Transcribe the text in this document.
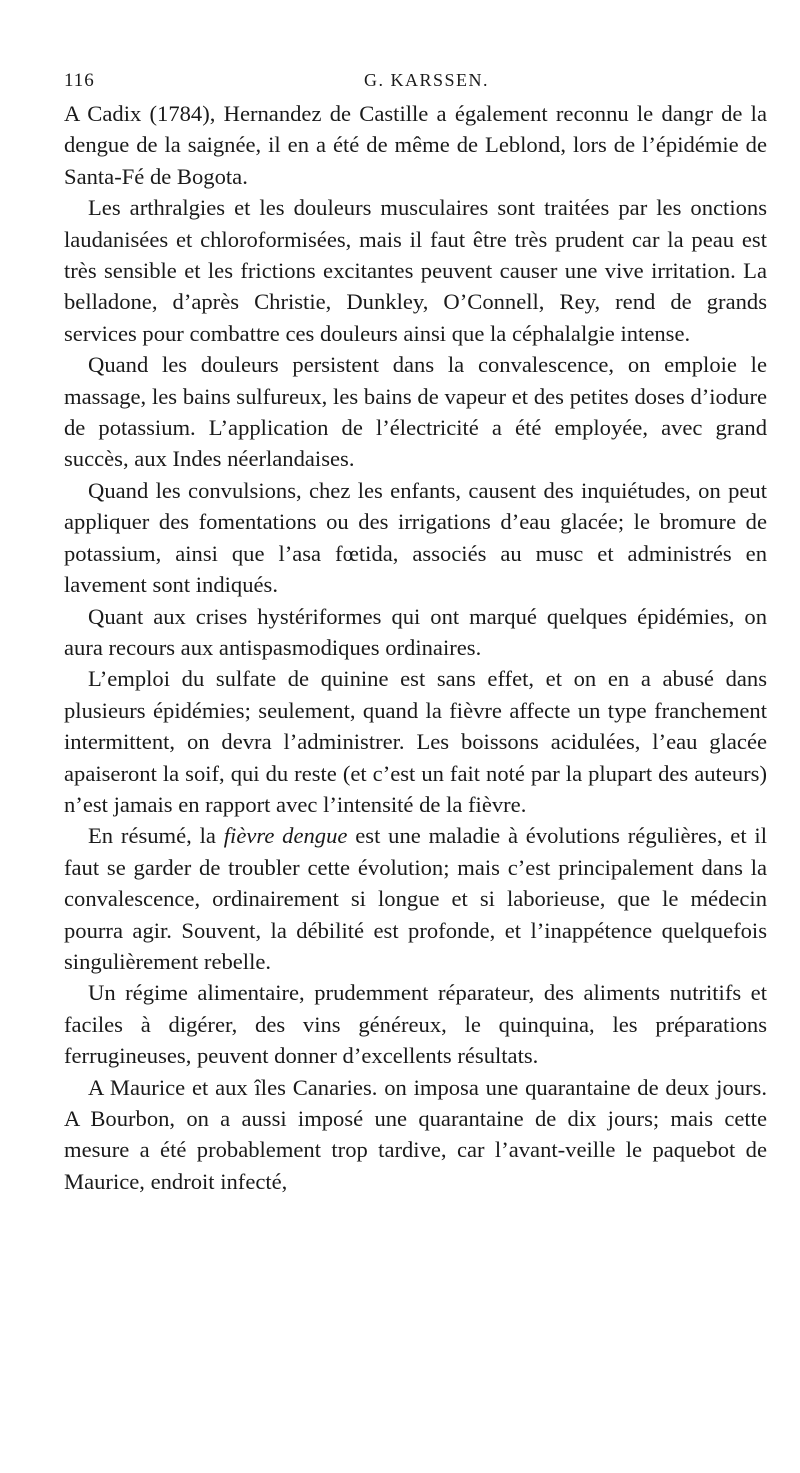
116	G. KARSSEN.

A Cadix (1784), Hernandez de Castille a également reconnu le dangr de la dengue de la saignée, il en a été de même de Leblond, lors de l’épidémie de Santa-Fé de Bogota.

Les arthralgies et les douleurs musculaires sont traitées par les onctions laudanisées et chloroformisées, mais il faut être très prudent car la peau est très sensible et les frictions excitantes peuvent causer une vive irritation. La belladone, d’après Christie, Dunkley, O’Connell, Rey, rend de grands services pour combattre ces douleurs ainsi que la céphalalgie intense.

Quand les douleurs persistent dans la convalescence, on emploie le massage, les bains sulfureux, les bains de vapeur et des petites doses d’iodure de potassium. L’application de l’électricité a été employée, avec grand succès, aux Indes néerlandaises.

Quand les convulsions, chez les enfants, causent des inquiétudes, on peut appliquer des fomentations ou des irrigations d’eau glacée; le bromure de potassium, ainsi que l’asa fœtida, associés au musc et administrés en lavement sont indiqués.

Quant aux crises hystériformes qui ont marqué quelques épidémies, on aura recours aux antispasmodiques ordinaires.

L’emploi du sulfate de quinine est sans effet, et on en a abusé dans plusieurs épidémies; seulement, quand la fièvre affecte un type franchement intermittent, on devra l’administrer. Les boissons acidulées, l’eau glacée apaiseront la soif, qui du reste (et c’est un fait noté par la plupart des auteurs) n’est jamais en rapport avec l’intensité de la fièvre.

En résumé, la fièvre dengue est une maladie à évolutions régulières, et il faut se garder de troubler cette évolution; mais c’est principalement dans la convalescence, ordinairement si longue et si laborieuse, que le médecin pourra agir. Souvent, la débilité est profonde, et l’inappétence quelquefois singulièrement rebelle.

Un régime alimentaire, prudemment réparateur, des aliments nutritifs et faciles à digérer, des vins généreux, le quinquina, les préparations ferrugineuses, peuvent donner d’excellents résultats.

A Maurice et aux îles Canaries. on imposa une quarantaine de deux jours. A Bourbon, on a aussi imposé une quarantaine de dix jours; mais cette mesure a été probablement trop tardive, car l’avant-veille le paquebot de Maurice, endroit infecté,
